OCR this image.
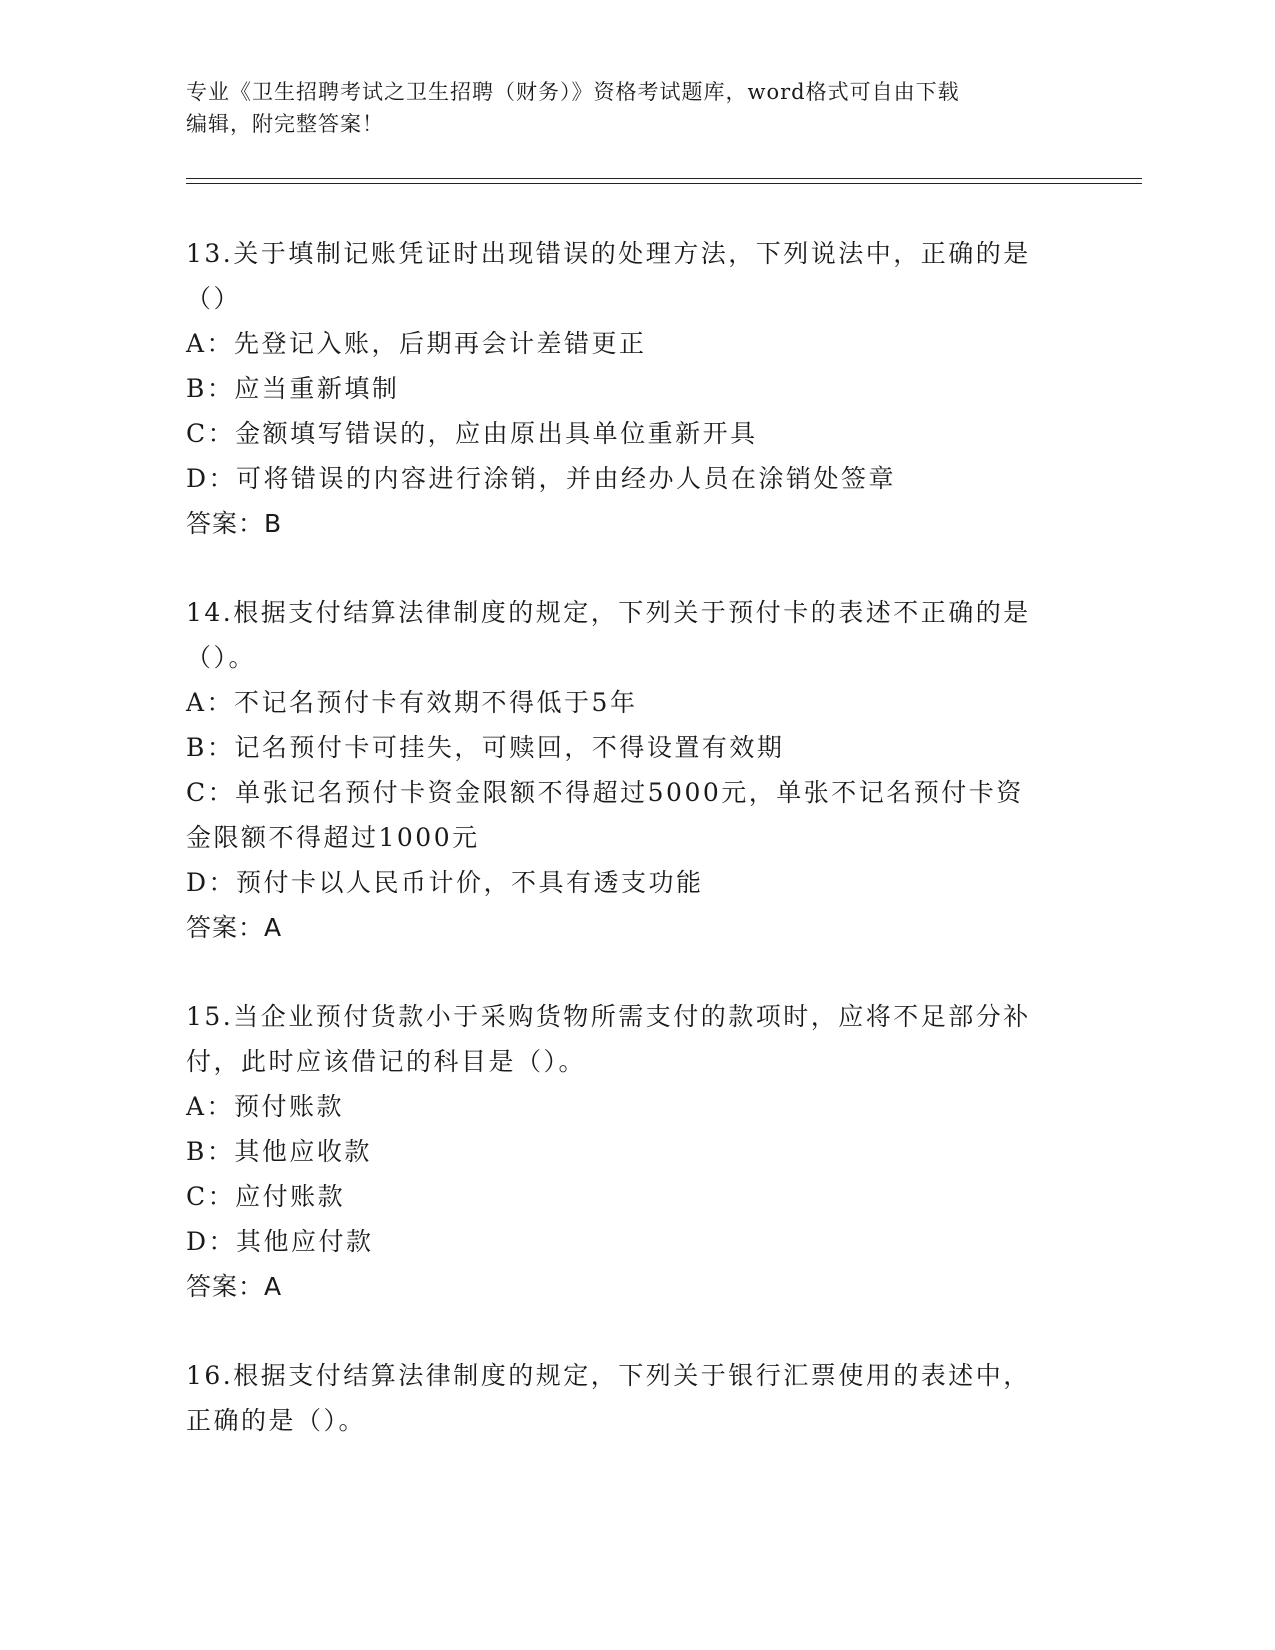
专业《卫生招聘考试之卫生招聘（财务）》资格考试题库，word格式可自由下载
编辑，附完整答案！
13.关于填制记账凭证时出现错误的处理方法，下列说法中，正确的是
（）
A：先登记入账，后期再会计差错更正
B：应当重新填制
C：金额填写错误的，应由原出具单位重新开具
D：可将错误的内容进行涂销，并由经办人员在涂销处签章
答案：B
14.根据支付结算法律制度的规定，下列关于预付卡的表述不正确的是
（）。
A：不记名预付卡有效期不得低于5年
B：记名预付卡可挂失，可赎回，不得设置有效期
C：单张记名预付卡资金限额不得超过5000元，单张不记名预付卡资
金限额不得超过1000元
D：预付卡以人民币计价，不具有透支功能
答案：A
15.当企业预付货款小于采购货物所需支付的款项时，应将不足部分补
付，此时应该借记的科目是（）。
A：预付账款
B：其他应收款
C：应付账款
D：其他应付款
答案：A
16.根据支付结算法律制度的规定，下列关于银行汇票使用的表述中，
正确的是（）。
